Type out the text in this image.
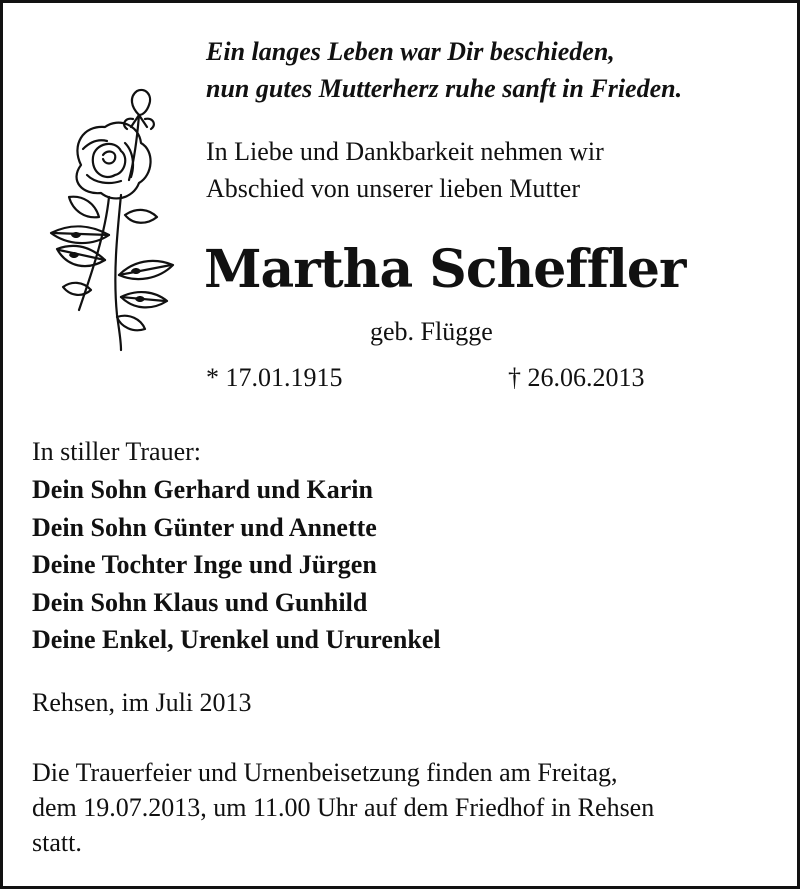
Ein langes Leben war Dir beschieden,
nun gutes Mutterherz ruhe sanft in Frieden.
In Liebe und Dankbarkeit nehmen wir
Abschied von unserer lieben Mutter
Martha Scheffler
geb. Flügge
* 17.01.1915	† 26.06.2013
In stiller Trauer:
Dein Sohn Gerhard und Karin
Dein Sohn Günter und Annette
Deine Tochter Inge und Jürgen
Dein Sohn Klaus und Gunhild
Deine Enkel, Urenkel und Ururenkel
Rehsen, im Juli 2013
Die Trauerfeier und Urnenbeisetzung finden am Freitag,
dem 19.07.2013, um 11.00 Uhr auf dem Friedhof in Rehsen
statt.
